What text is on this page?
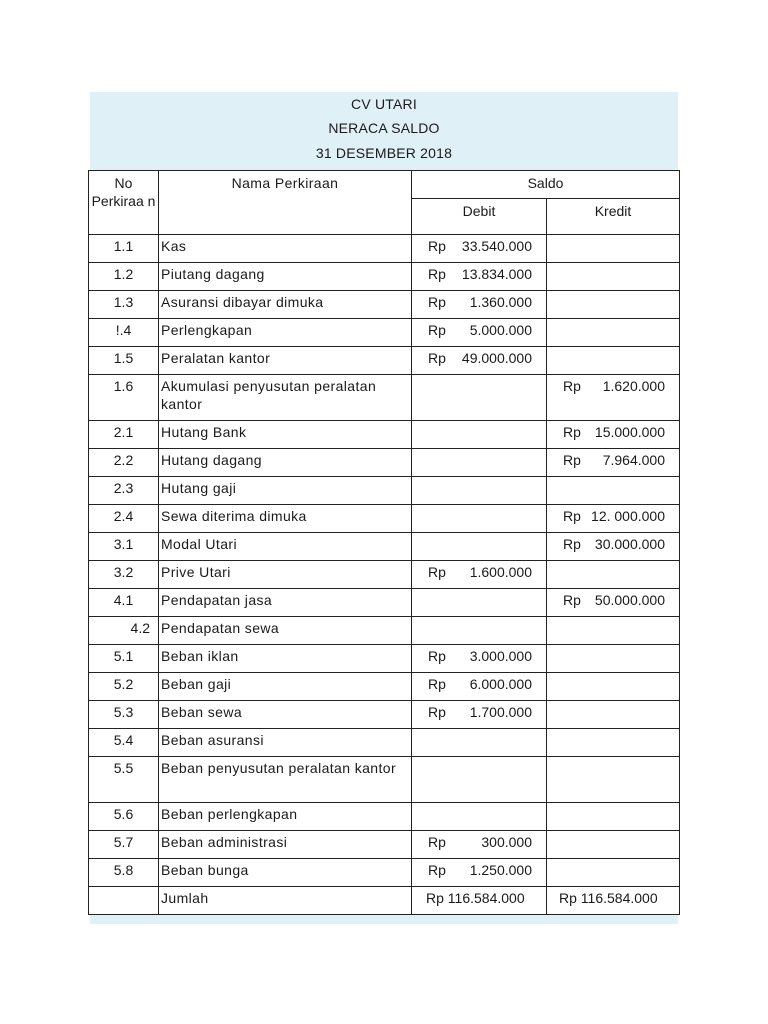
CV UTARI
NERACA SALDO
31 DESEMBER 2018
No Perkiraa n	Nama Perkiraan	Saldo	

		Debit	Kredit

1.1	Kas	Rp 33.540.000	

1.2	Piutang dagang	Rp 13.834.000	

1.3	Asuransi dibayar dimuka	Rp 1.360.000	

!.4	Perlengkapan	Rp 5.000.000	

1.5	Peralatan kantor	Rp 49.000.000	

1.6	Akumulasi penyusutan peralatan kantor		Rp 1.620.000

2.1	Hutang Bank		Rp 15.000.000

2.2	Hutang dagang		Rp 7.964.000

2.3	Hutang gaji		

2.4	Sewa diterima dimuka		Rp 12. 000.000

3.1	Modal Utari		Rp 30.000.000

3.2	Prive Utari	Rp 1.600.000	

4.1	Pendapatan jasa		Rp 50.000.000

4.2	Pendapatan sewa		

5.1	Beban iklan	Rp 3.000.000	

5.2	Beban gaji	Rp 6.000.000	

5.3	Beban sewa	Rp 1.700.000	

5.4	Beban asuransi		

5.5	Beban penyusutan peralatan kantor		

5.6	Beban perlengkapan		

5.7	Beban administrasi	Rp 300.000	

5.8	Beban bunga	Rp 1.250.000	

	Jumlah	Rp 116.584.000	Rp 116.584.000
